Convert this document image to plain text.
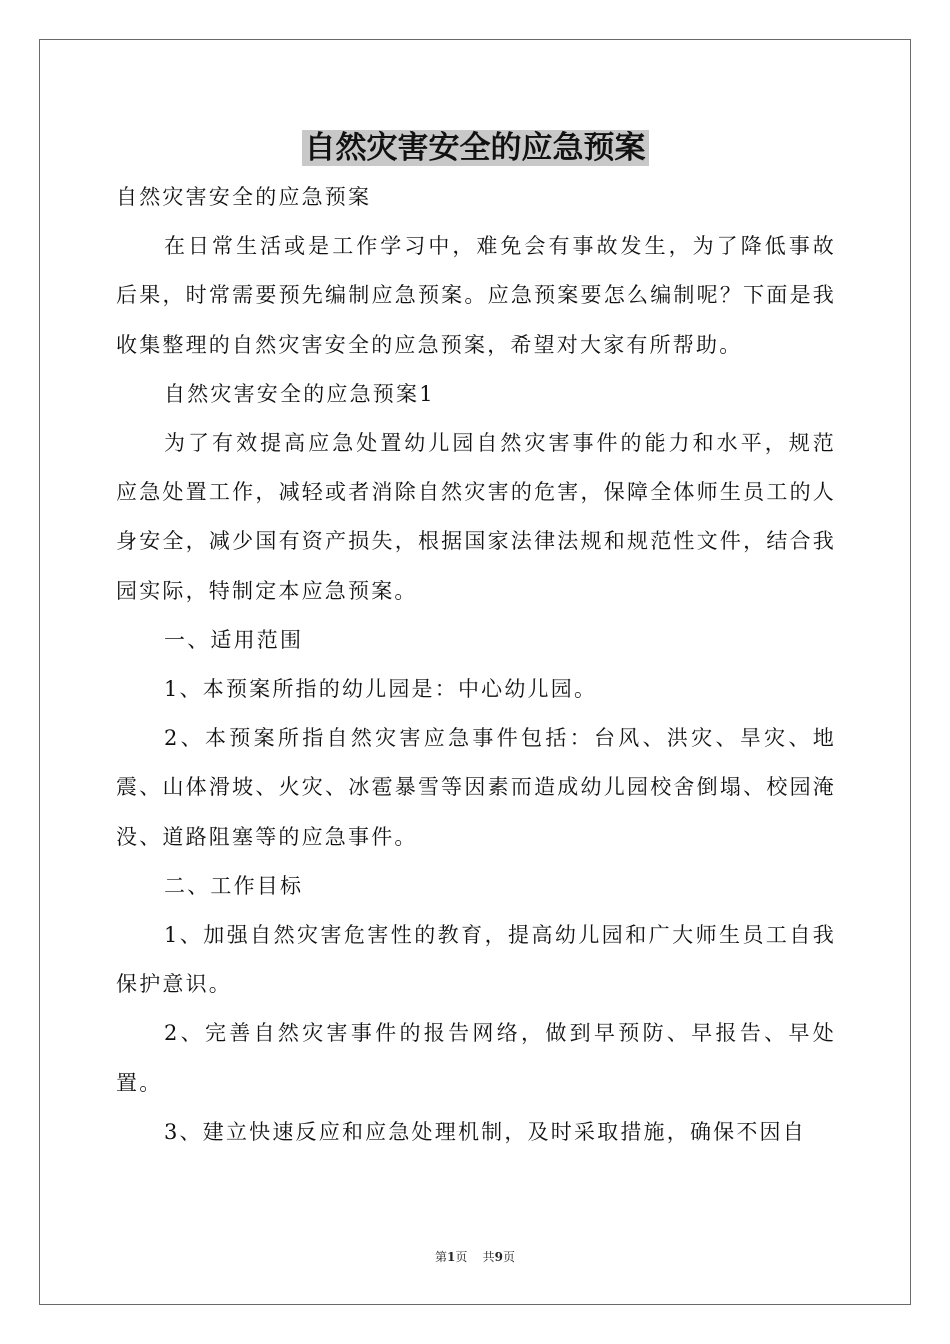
自然灾害安全的应急预案

自然灾害安全的应急预案

在日常生活或是工作学习中，难免会有事故发生，为了降低事故后果，时常需要预先编制应急预案。应急预案要怎么编制呢？下面是我收集整理的自然灾害安全的应急预案，希望对大家有所帮助。

自然灾害安全的应急预案1

为了有效提高应急处置幼儿园自然灾害事件的能力和水平，规范应急处置工作，减轻或者消除自然灾害的危害，保障全体师生员工的人身安全，减少国有资产损失，根据国家法律法规和规范性文件，结合我园实际，特制定本应急预案。

一、适用范围

1、本预案所指的幼儿园是：中心幼儿园。

2、本预案所指自然灾害应急事件包括：台风、洪灾、旱灾、地震、山体滑坡、火灾、冰雹暴雪等因素而造成幼儿园校舍倒塌、校园淹没、道路阻塞等的应急事件。

二、工作目标

1、加强自然灾害危害性的教育，提高幼儿园和广大师生员工自我保护意识。

2、完善自然灾害事件的报告网络，做到早预防、早报告、早处置。

3、建立快速反应和应急处理机制，及时采取措施，确保不因自

第1页 共9页
